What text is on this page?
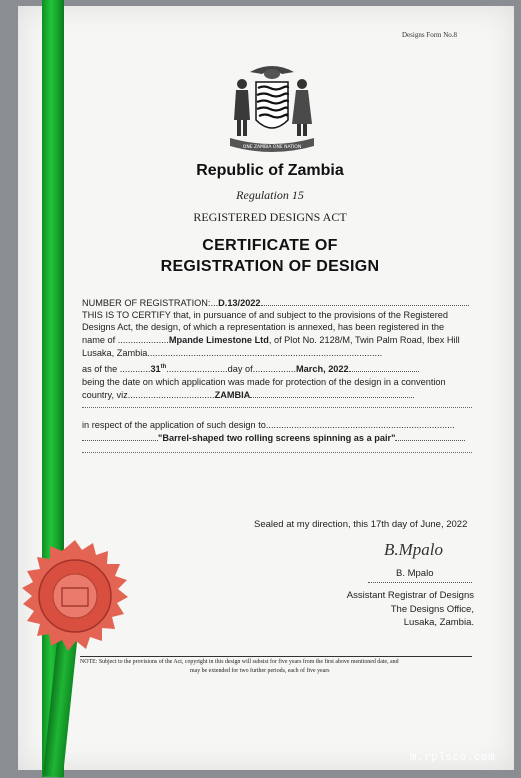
Designs Form No.8
ONE ZAMBIA ONE NATION
Republic of Zambia
Regulation 15
REGISTERED DESIGNS ACT
CERTIFICATE OF
REGISTRATION OF DESIGN
NUMBER OF REGISTRATION:...D.13/2022
THIS IS TO CERTIFY that, in pursuance of and subject to the provisions of the Registered
Designs Act, the design, of which a representation is annexed, has been registered in the
name of ....................Mpande Limestone Ltd, of Plot No. 2128/M, Twin Palm Road, Ibex Hill
Lusaka, Zambia............................................................................................
as of the ............31th........................day of.................March, 2022
being the date on which application was made for protection of the design in a convention
country, viz..................................ZAMBIA
in respect of the application of such design to..........................................................................
"Barrel-shaped two rolling screens spinning as a pair"
Sealed at my direction, this 17th day of June, 2022
B.Mpalo
B. Mpalo
Assistant Registrar of Designs
The Designs Office,
Lusaka, Zambia.
NOTE: Subject to the provisions of the Act, copyright in this design will subsist for five years from the first above mentioned date, and
may be extended for two further periods, each of five years
m.rplsco.com
